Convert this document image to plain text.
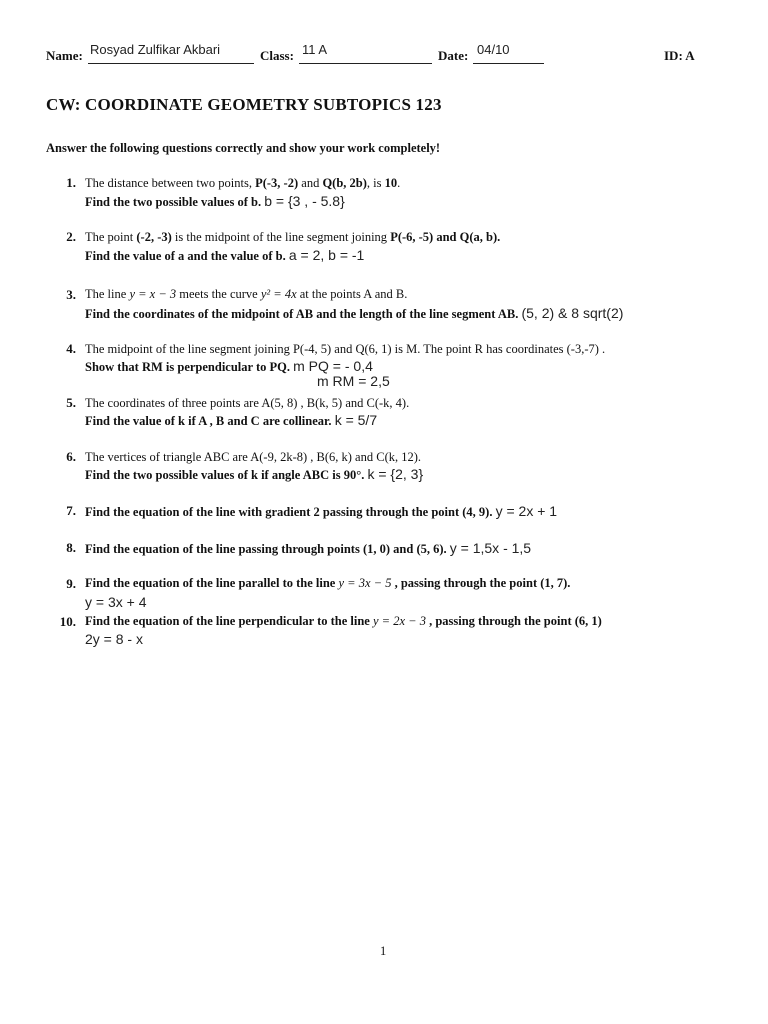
Name: Rosyad Zulfikar Akbari	Class: 11 A	Date: 04/10	ID: A
CW: COORDINATE GEOMETRY SUBTOPICS 123
Answer the following questions correctly and show your work completely!
1. The distance between two points, P(-3, -2) and Q(b, 2b), is 10.
Find the two possible values of b. b = {3 , - 5.8}
2. The point (-2, -3) is the midpoint of the line segment joining P(-6, -5) and Q(a, b).
Find the value of a and the value of b. a = 2, b = -1
3. The line y = x − 3 meets the curve y² = 4x at the points A and B.
Find the coordinates of the midpoint of AB and the length of the line segment AB. (5, 2) & 8 sqrt(2)
4. The midpoint of the line segment joining P(-4, 5) and Q(6, 1) is M. The point R has coordinates (-3,-7) .
Show that RM is perpendicular to PQ. m PQ = - 0,4
m RM = 2,5
5. The coordinates of three points are A(5, 8) , B(k, 5) and C(-k, 4).
Find the value of k if A , B and C are collinear. k = 5/7
6. The vertices of triangle ABC are A(-9, 2k-8) , B(6, k) and C(k, 12).
Find the two possible values of k if angle ABC is 90°. k = {2, 3}
7. Find the equation of the line with gradient 2 passing through the point (4, 9). y = 2x + 1
8. Find the equation of the line passing through points (1, 0) and (5, 6). y = 1,5x - 1,5
9. Find the equation of the line parallel to the line y = 3x − 5 , passing through the point (1, 7).
y = 3x + 4
10. Find the equation of the line perpendicular to the line y = 2x − 3 , passing through the point (6, 1)
2y = 8 - x
1
